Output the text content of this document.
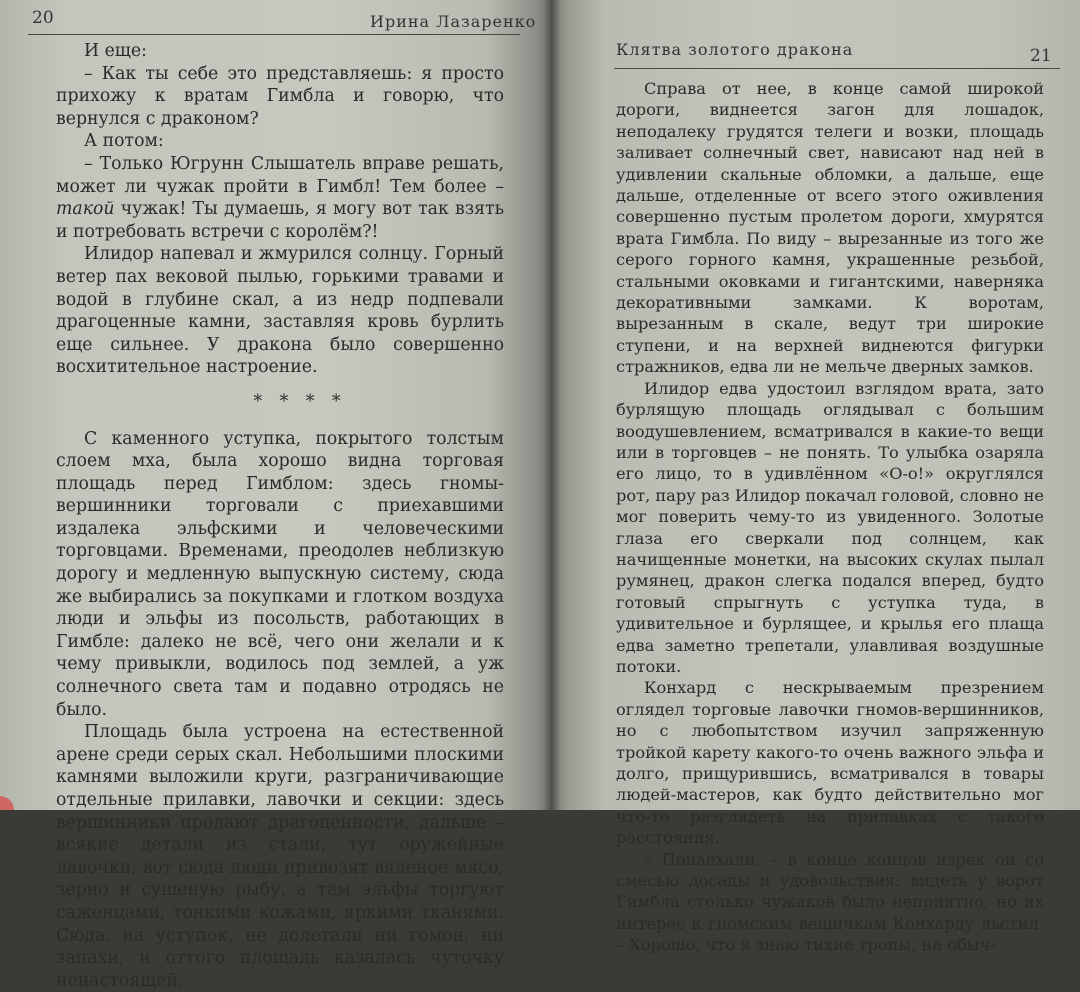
20	Ирина Лазаренко

И еще:

– Как ты себе это представляешь: я просто прихожу к вратам Гимбла и говорю, что вернулся с драконом?

А потом:

– Только Югрунн Слышатель вправе решать, может ли чужак пройти в Гимбл! Тем более – такой чужак! Ты думаешь, я могу вот так взять и потребовать встречи с королём?!

Илидор напевал и жмурился солнцу. Горный ветер пах вековой пылью, горькими травами и водой в глубине скал, а из недр подпевали драгоценные камни, заставляя кровь бурлить еще сильнее. У дракона было совершенно восхитительное настроение.

* * * *

С каменного уступка, покрытого толстым слоем мха, была хорошо видна торговая площадь перед Гимблом: здесь гномы-вершинники торговали с приехавшими издалека эльфскими и человеческими торговцами. Временами, преодолев неблизкую дорогу и медленную выпускную систему, сюда же выбирались за покупками и глотком воздуха люди и эльфы из посольств, работающих в Гимбле: далеко не всё, чего они желали и к чему привыкли, водилось под землей, а уж солнечного света там и подавно отродясь не было.

Площадь была устроена на естественной арене среди серых скал. Небольшими плоскими камнями выложили круги, разграничивающие отдельные прилавки, лавочки и секции: здесь вершинники продают драгоценности, дальше – всякие детали из стали, тут оружейные лавочки, вот сюда люди привозят вяленое мясо, зерно и сушеную рыбу, а там эльфы торгуют саженцами, тонкими кожами, яркими тканями. Сюда, на уступок, не долетали ни гомон, ни запахи, и оттого площадь казалась чуточку ненастоящей.

Клятва золотого дракона	21

Справа от нее, в конце самой широкой дороги, виднеется загон для лошадок, неподалеку грудятся телеги и возки, площадь заливает солнечный свет, нависают над ней в удивлении скальные обломки, а дальше, еще дальше, отделенные от всего этого оживления совершенно пустым пролетом дороги, хмурятся врата Гимбла. По виду – вырезанные из того же серого горного камня, украшенные резьбой, стальными оковками и гигантскими, наверняка декоративными замками. К воротам, вырезанным в скале, ведут три широкие ступени, и на верхней виднеются фигурки стражников, едва ли не мельче дверных замков.

Илидор едва удостоил взглядом врата, зато бурлящую площадь оглядывал с большим воодушевлением, всматривался в какие-то вещи или в торговцев – не понять. То улыбка озаряла его лицо, то в удивлённом «О-о!» округлялся рот, пару раз Илидор покачал головой, словно не мог поверить чему-то из увиденного. Золотые глаза его сверкали под солнцем, как начищенные монетки, на высоких скулах пылал румянец, дракон слегка подался вперед, будто готовый спрыгнуть с уступка туда, в удивительное и бурлящее, и крылья его плаща едва заметно трепетали, улавливая воздушные потоки.

Конхард с нескрываемым презрением оглядел торговые лавочки гномов-вершинников, но с любопытством изучил запряженную тройкой карету какого-то очень важного эльфа и долго, прищурившись, всматривался в товары людей-мастеров, как будто действительно мог что-то разглядеть на прилавках с такого расстояния.

– Понаехали, – в конце концов изрек он со смесью досады и удовольствия: видеть у ворот Гимбла столько чужаков было неприятно, но их интерес к гномским вещичкам Конхарду льстил. – Хорошо, что я знаю тихие тропы, на обыч-
